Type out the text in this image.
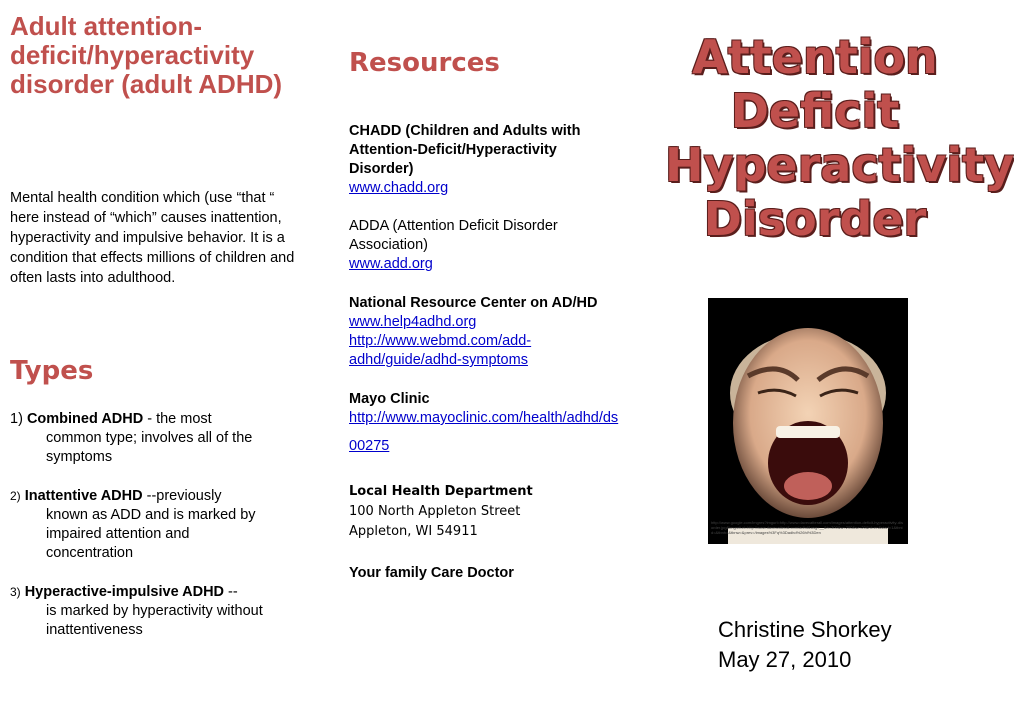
Adult attention-deficit/hyperactivity disorder (adult ADHD)
Mental health condition which (use “that “ here instead of “which” causes inattention, hyperactivity and impulsive behavior. It is a condition that effects millions of children and often lasts into adulthood.
Types
1) Combined ADHD - the most
common type; involves all of the symptoms
2) Inattentive ADHD --previously
known as ADD and is marked by impaired attention and concentration
3) Hyperactive-impulsive ADHD --
is marked by hyperactivity without inattentiveness
Resources
CHADD (Children and Adults with Attention-Deficit/Hyperactivity Disorder)
www.chadd.org
ADDA (Attention Deficit Disorder Association)
www.add.org
National Resource Center on AD/HD
www.help4adhd.org
http://www.webmd.com/add-adhd/guide/adhd-symptoms
Mayo Clinic
http://www.mayoclinic.com/health/adhd/ds
00275
Local Health Department
100 North Appleton Street
Appleton, WI 54911
Your family Care Doctor
Attention
Deficit
Hyperactivity
Disorder
http://www.google.com/imgres?imgurl=http://www.davecatterall.com/images/attention-deficit-hyperactivity-disorder.jpg&imgrefurl=http://www.davecatterall.com/adhd&usg=__&h=300&w=200&sz=20&hl=en&start=1&tbnid=&tbnh=&tbnw=&prev=/images%3Fq%3Dadhd%26hl%3Den
Christine Shorkey
May 27, 2010
